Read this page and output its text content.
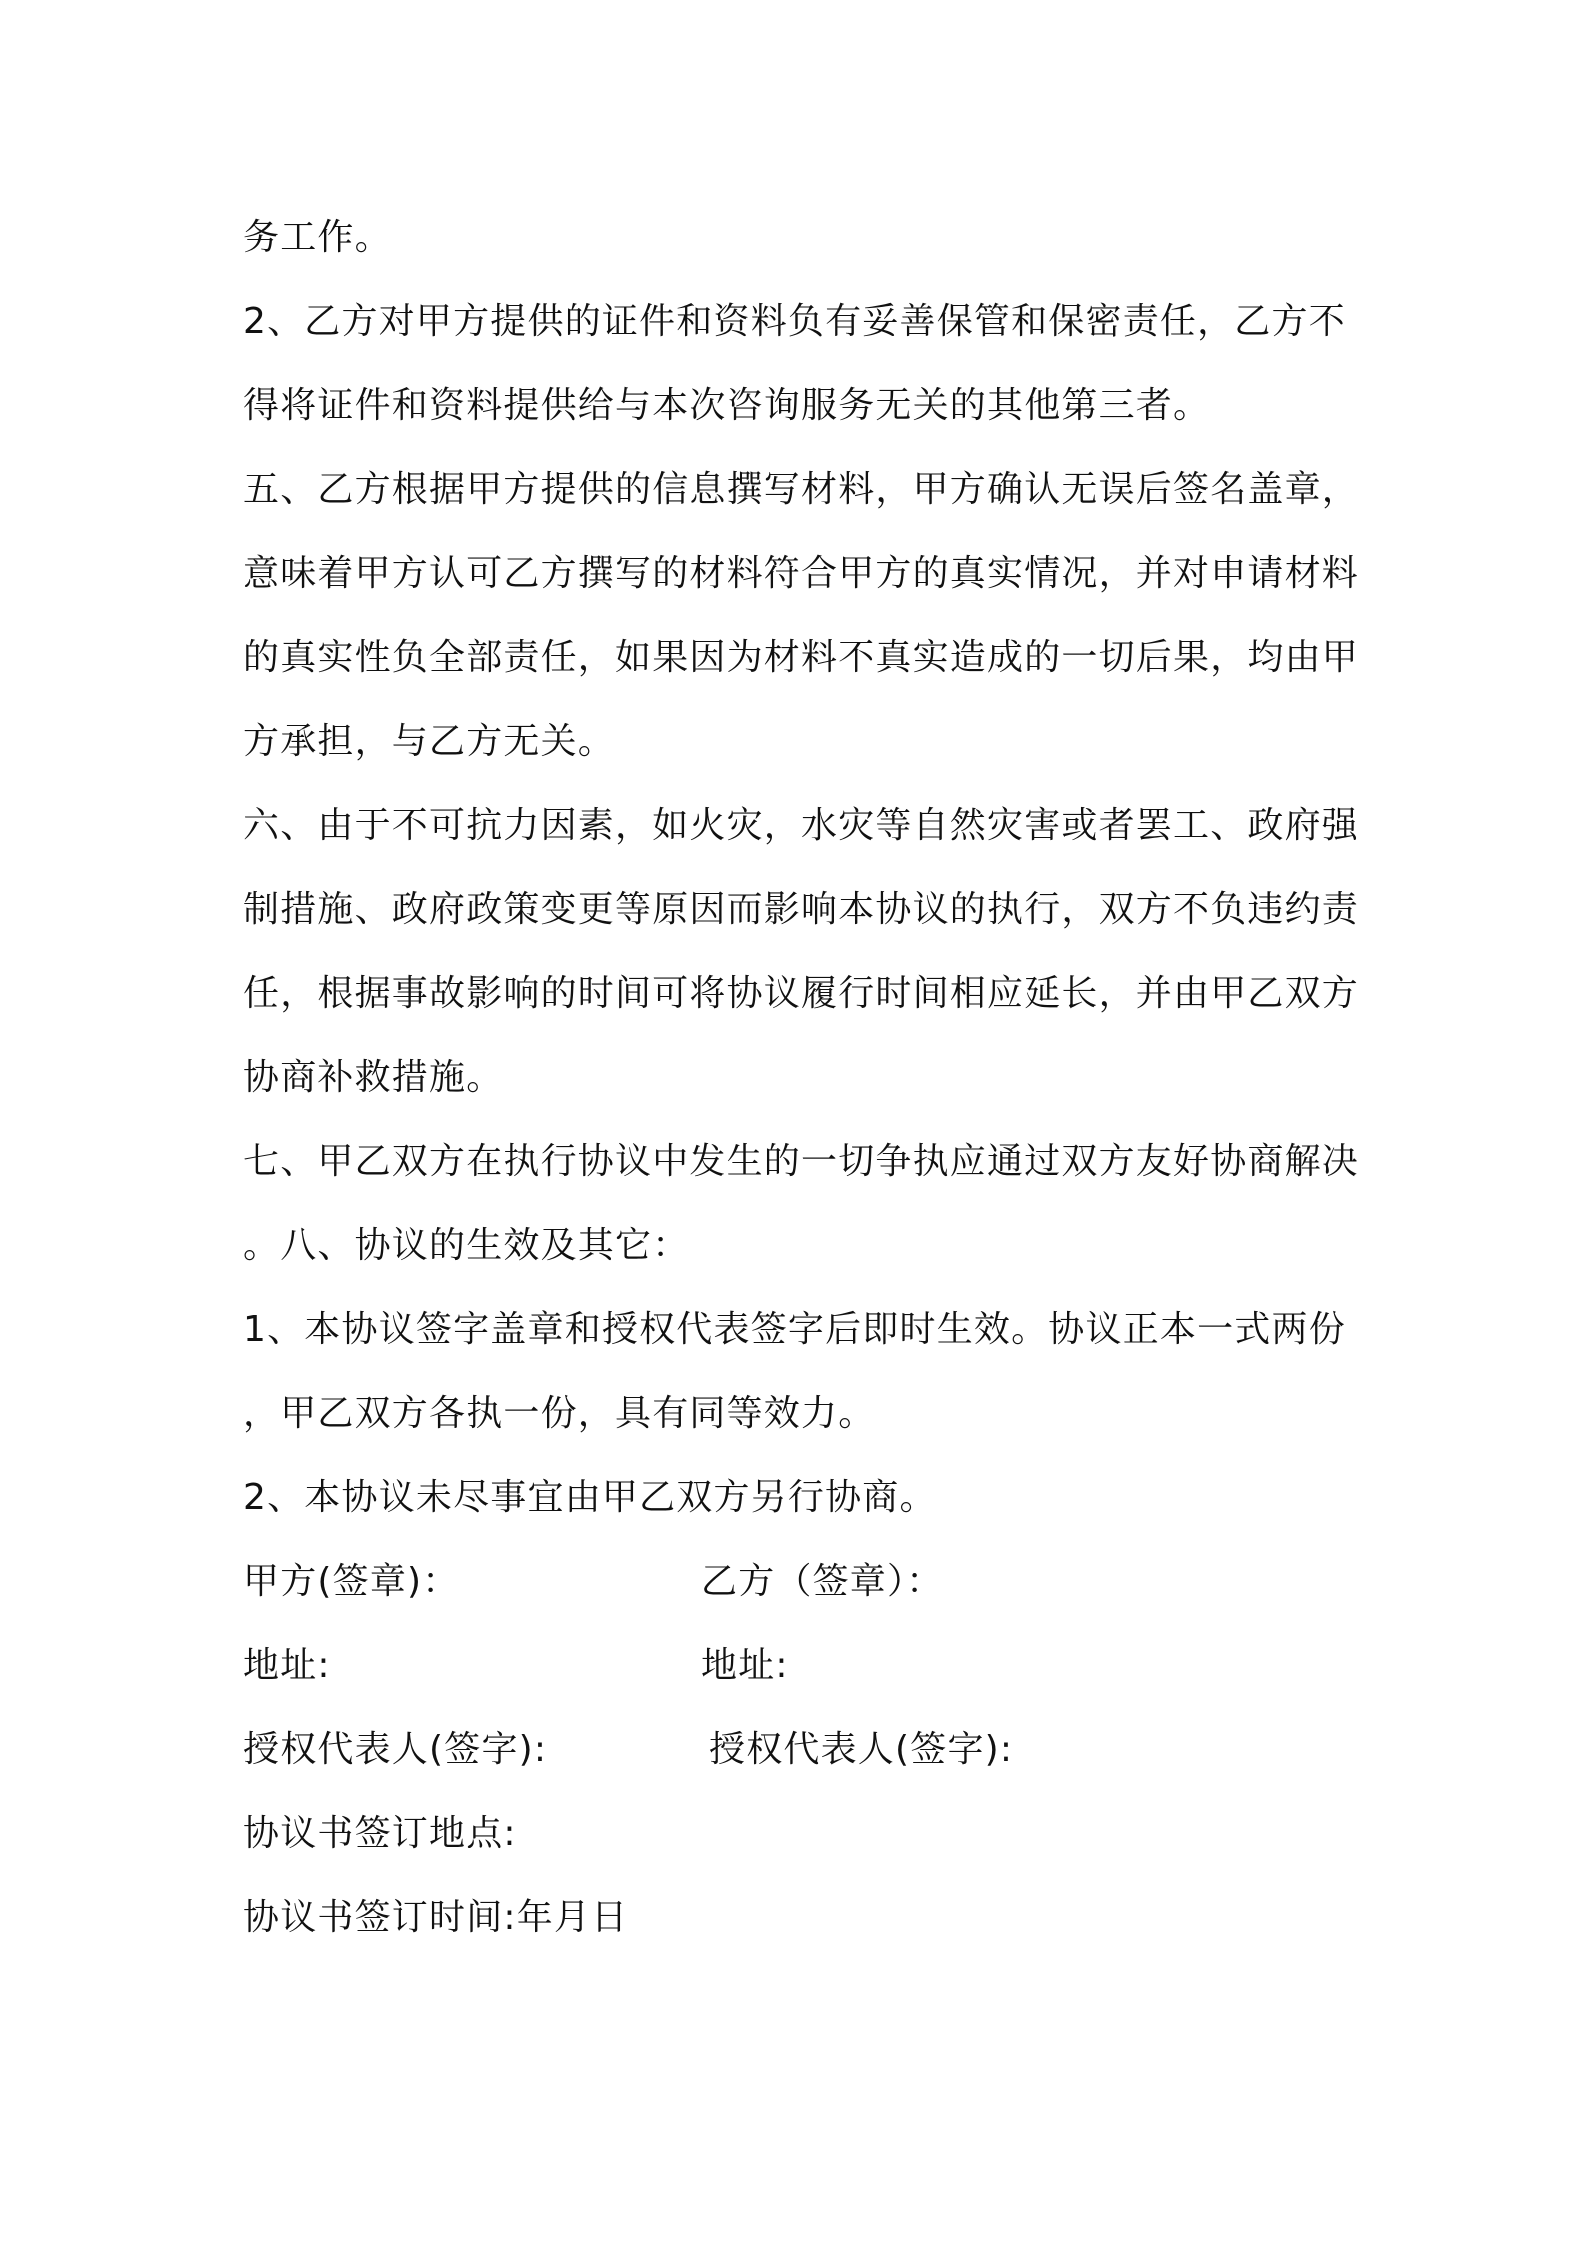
务工作。
2、乙方对甲方提供的证件和资料负有妥善保管和保密责任，乙方不
得将证件和资料提供给与本次咨询服务无关的其他第三者。
五、乙方根据甲方提供的信息撰写材料，甲方确认无误后签名盖章，
意味着甲方认可乙方撰写的材料符合甲方的真实情况，并对申请材料
的真实性负全部责任，如果因为材料不真实造成的一切后果，均由甲
方承担，与乙方无关。
六、由于不可抗力因素，如火灾，水灾等自然灾害或者罢工、政府强
制措施、政府政策变更等原因而影响本协议的执行，双方不负违约责
任，根据事故影响的时间可将协议履行时间相应延长，并由甲乙双方
协商补救措施。
七、甲乙双方在执行协议中发生的一切争执应通过双方友好协商解决
。八、协议的生效及其它：
1、本协议签字盖章和授权代表签字后即时生效。协议正本一式两份
，甲乙双方各执一份，具有同等效力。
2、本协议未尽事宜由甲乙双方另行协商。
甲方(签章)：	乙方（签章）：
地址:	地址:
授权代表人(签字):	授权代表人(签字):
协议书签订地点:
协议书签订时间:年月日
